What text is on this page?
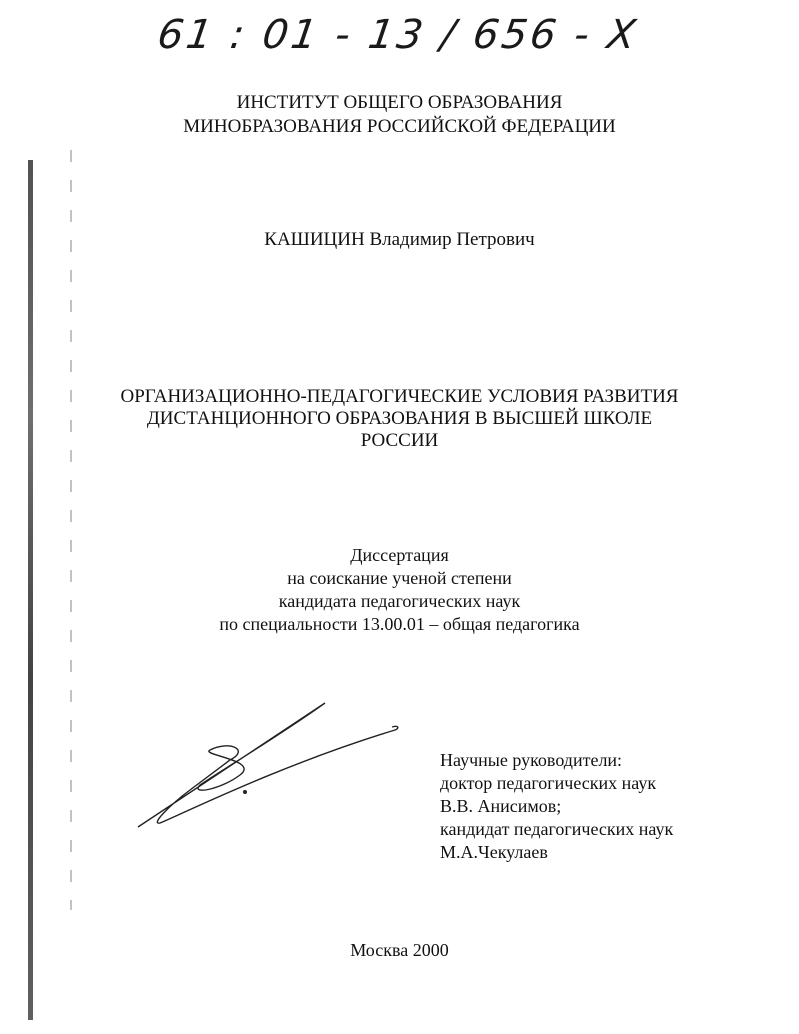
61 : 01 - 13 / 656 - X
ИНСТИТУТ ОБЩЕГО ОБРАЗОВАНИЯ
МИНОБРАЗОВАНИЯ РОССИЙСКОЙ ФЕДЕРАЦИИ
КАШИЦИН Владимир Петрович
ОРГАНИЗАЦИОННО-ПЕДАГОГИЧЕСКИЕ УСЛОВИЯ РАЗВИТИЯ
ДИСТАНЦИОННОГО ОБРАЗОВАНИЯ В ВЫСШЕЙ ШКОЛЕ
РОССИИ
Диссертация
на соискание ученой степени
кандидата педагогических наук
по специальности 13.00.01 – общая педагогика
Научные руководители:
доктор педагогических наук
В.В. Анисимов;
кандидат педагогических наук
М.А.Чекулаев
Москва 2000
